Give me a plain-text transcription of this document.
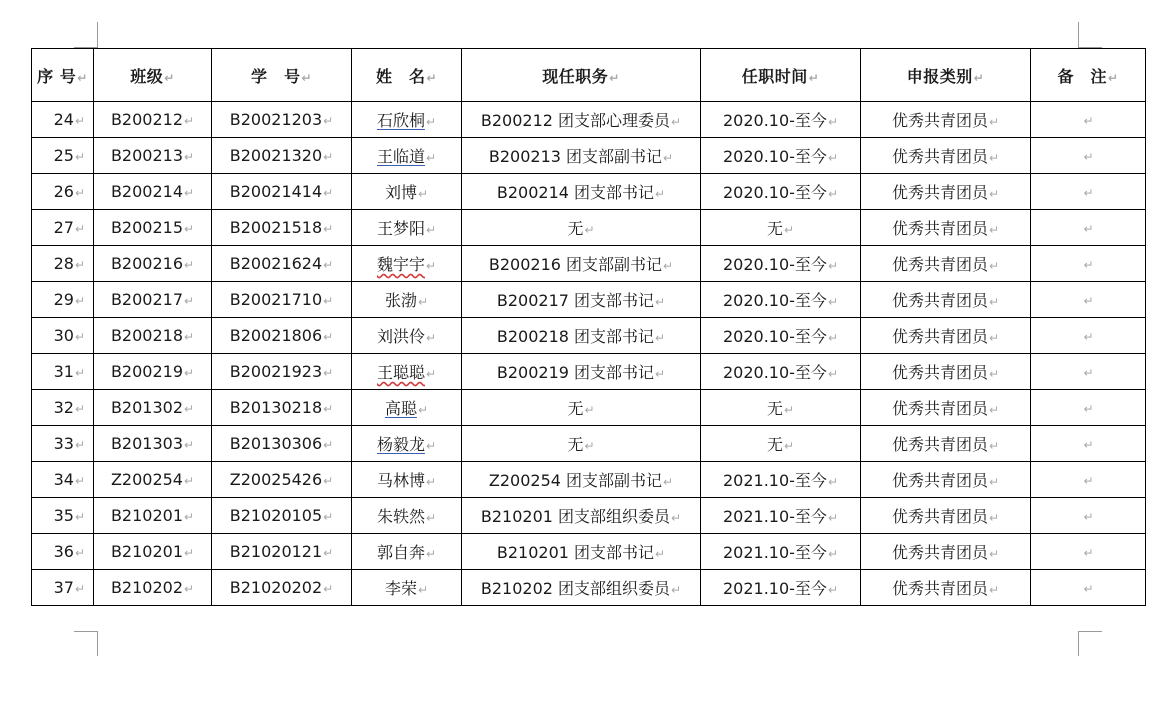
序 号↵	班级↵	学　号↵	姓　名↵	现任职务↵	任职时间↵	申报类别↵	备　注↵
24↵	B200212↵	B20021203↵	石欣桐↵	B200212 团支部心理委员↵	2020.10-至今↵	优秀共青团员↵	↵
25↵	B200213↵	B20021320↵	王临道↵	B200213 团支部副书记↵	2020.10-至今↵	优秀共青团员↵	↵
26↵	B200214↵	B20021414↵	刘博↵	B200214 团支部书记↵	2020.10-至今↵	优秀共青团员↵	↵
27↵	B200215↵	B20021518↵	王梦阳↵	无↵	无↵	优秀共青团员↵	↵
28↵	B200216↵	B20021624↵	魏宇宇↵	B200216 团支部副书记↵	2020.10-至今↵	优秀共青团员↵	↵
29↵	B200217↵	B20021710↵	张渤↵	B200217 团支部书记↵	2020.10-至今↵	优秀共青团员↵	↵
30↵	B200218↵	B20021806↵	刘洪伶↵	B200218 团支部书记↵	2020.10-至今↵	优秀共青团员↵	↵
31↵	B200219↵	B20021923↵	王聪聪↵	B200219 团支部书记↵	2020.10-至今↵	优秀共青团员↵	↵
32↵	B201302↵	B20130218↵	高聪↵	无↵	无↵	优秀共青团员↵	↵
33↵	B201303↵	B20130306↵	杨毅龙↵	无↵	无↵	优秀共青团员↵	↵
34↵	Z200254↵	Z20025426↵	马林博↵	Z200254 团支部副书记↵	2021.10-至今↵	优秀共青团员↵	↵
35↵	B210201↵	B21020105↵	朱轶然↵	B210201 团支部组织委员↵	2021.10-至今↵	优秀共青团员↵	↵
36↵	B210201↵	B21020121↵	郭自奔↵	B210201 团支部书记↵	2021.10-至今↵	优秀共青团员↵	↵
37↵	B210202↵	B21020202↵	李荣↵	B210202 团支部组织委员↵	2021.10-至今↵	优秀共青团员↵	↵
